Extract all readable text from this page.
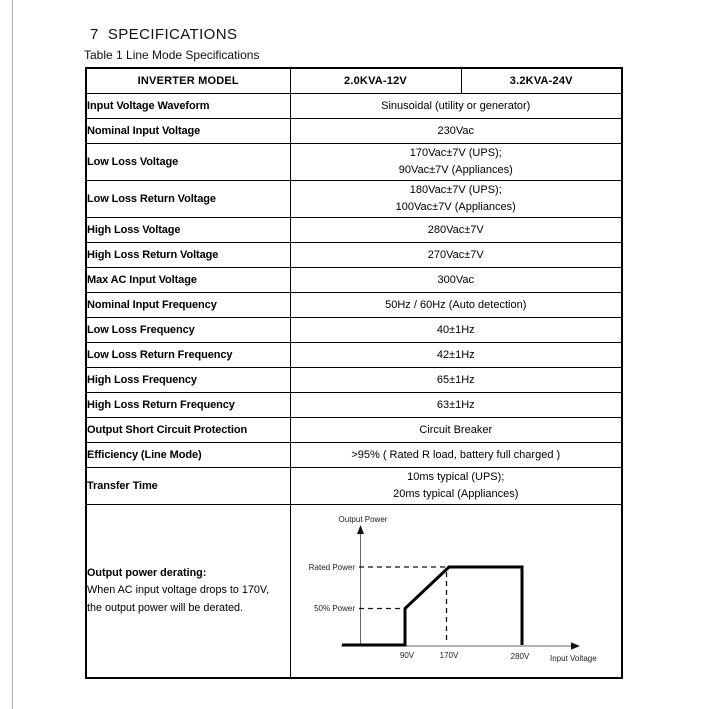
7  SPECIFICATIONS
Table 1 Line Mode Specifications
INVERTER MODEL	2.0KVA-12V	3.2KVA-24V
Input Voltage Waveform	Sinusoidal (utility or generator)	

Nominal Input Voltage	230Vac	

Low Loss Voltage	170Vac±7V (UPS);
90Vac±7V (Appliances)	

Low Loss Return Voltage	180Vac±7V (UPS);
100Vac±7V (Appliances)	

High Loss Voltage	280Vac±7V	

High Loss Return Voltage	270Vac±7V	

Max AC Input Voltage	300Vac	

Nominal Input Frequency	50Hz / 60Hz (Auto detection)	

Low Loss Frequency	40±1Hz	

Low Loss Return Frequency	42±1Hz	

High Loss Frequency	65±1Hz	

High Loss Return Frequency	63±1Hz	

Output Short Circuit Protection	Circuit Breaker	

Efficiency (Line Mode)	>95% ( Rated R load, battery full charged )	

Transfer Time	10ms typical (UPS);
20ms typical (Appliances)	

Output power derating:
When AC input voltage drops to 170V,
the output power will be derated.

Output Power
Rated Power
50% Power
90V	170V	280V	Input Voltage
